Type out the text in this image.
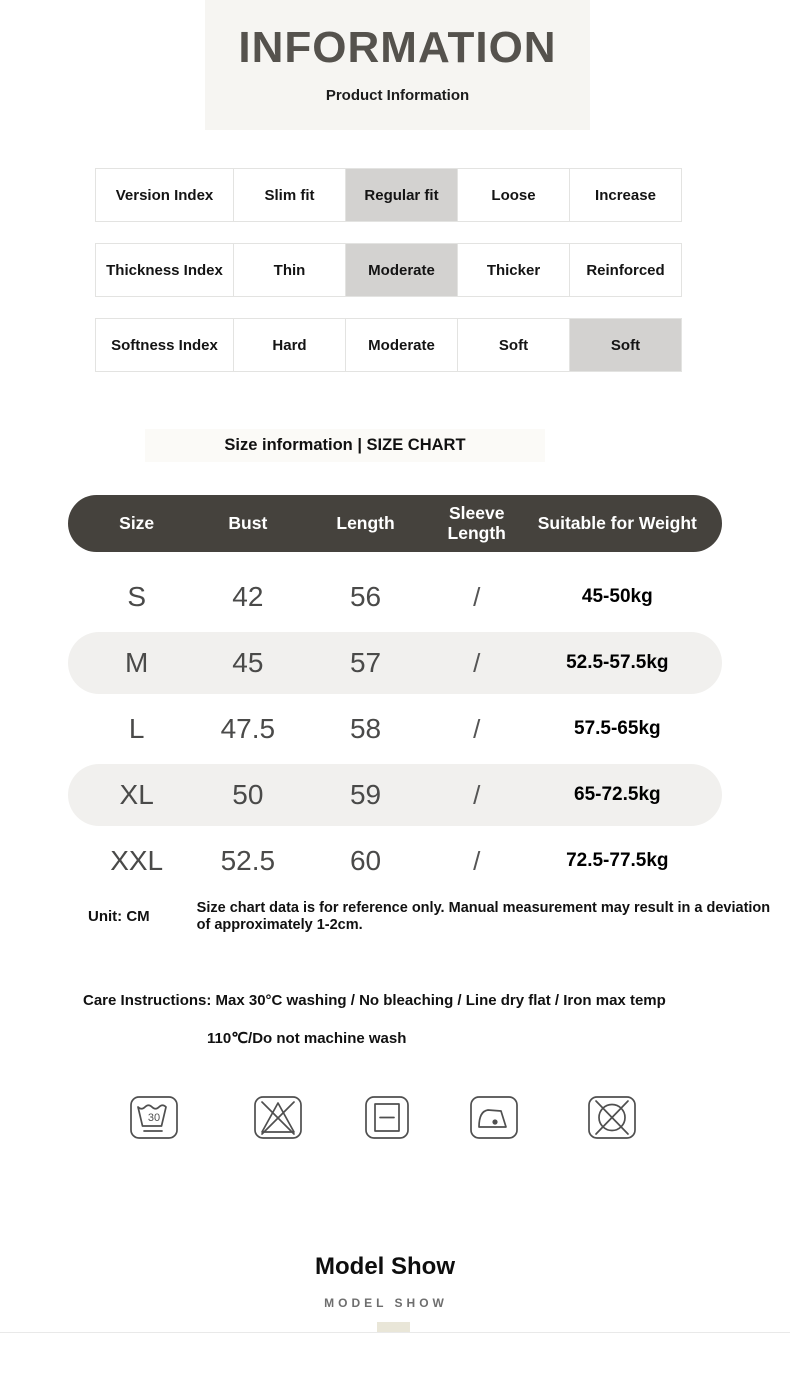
INFORMATION
Product Information
Version Index	Slim fit	Regular fit	Loose	Increase
Thickness Index	Thin	Moderate	Thicker	Reinforced
Softness Index	Hard	Moderate	Soft	Soft
Size information | SIZE CHART
Size	Bust	Length	Sleeve Length	Suitable for Weight
S	42	56	/	45-50kg
M	45	57	/	52.5-57.5kg
L	47.5	58	/	57.5-65kg
XL	50	59	/	65-72.5kg
XXL	52.5	60	/	72.5-77.5kg
Unit: CM	Size chart data is for reference only. Manual measurement may result in a deviation of approximately 1-2cm.
Care Instructions: Max 30°C washing / No bleaching / Line dry flat / Iron max temp
110℃/Do not machine wash
30
Model Show
MODEL SHOW
